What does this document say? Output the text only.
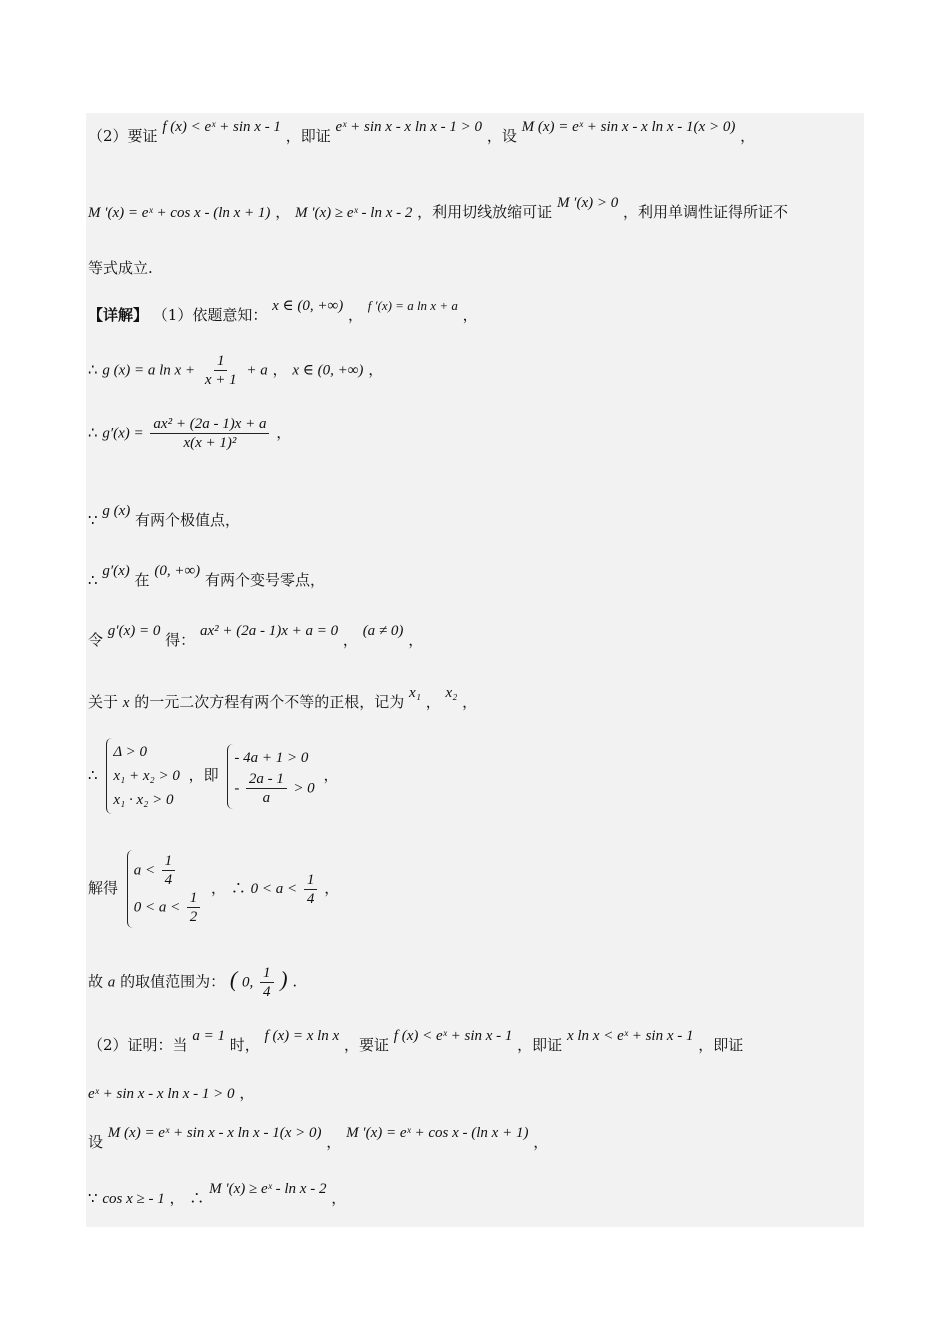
（2）要证 f (x) < eˣ + sin x - 1 ，即证 eˣ + sin x - x ln x - 1 > 0 ，设 M (x) = eˣ + sin x - x ln x - 1(x > 0) ，
M ′(x) = eˣ + cos x - (ln x + 1) ， M ′(x) ≥ eˣ - ln x - 2 ，利用切线放缩可证 M ′(x) > 0 ，利用单调性证得所证不
等式成立.
【详解】 （1）依题意知： x ∈ (0, +∞) ， f ′(x) = a ln x + a ，
∴ g (x) = a $\ln x + \frac{1}{x + 1} + a$ ， x ∈ (0, +∞) ，
∴ $g'(x) = \frac{\text{ax² + (2a - 1)x + a}}{\text{x(x + 1)²}}$ ，
∵ g (x) 有两个极值点，
∴ g′(x) 在 (0, +∞) 有两个变号零点，
令 g′(x) = 0 得： ax² + (2a - 1)x + a = 0 ， (a ≠ 0) ，
关于 x 的一元二次方程有两个不等的正根，记为 x₁ ， x₂ ，
∴
Δ > 0
x₁ + x₂ > 0
x₁ · x₂ > 0
，即
- 4a + 1 > 0
- $\frac{2a - 1}{a} > 0$
，
解得
$a < \frac{1}{4}$
$0 < a < \frac{1}{2}$
， ∴ $0 < a < \frac{1}{4}$ ，
故 a 的取值范围为： ( 0, $\frac{1}{4}$ ) .
（2）证明：当 a = 1 时， f (x) = x ln x ，要证 f (x) < eˣ + sin x - 1 ，即证 x ln x < eˣ + sin x - 1 ，即证
eˣ + sin x - x ln x - 1 > 0 ，
设 M (x) = eˣ + sin x - x ln x - 1(x > 0) ， M ′(x) = eˣ + cos x - (ln x + 1) ，
∵ cos x ≥ - 1 ， ∴ M ′(x) ≥ eˣ - ln x - 2 ，
